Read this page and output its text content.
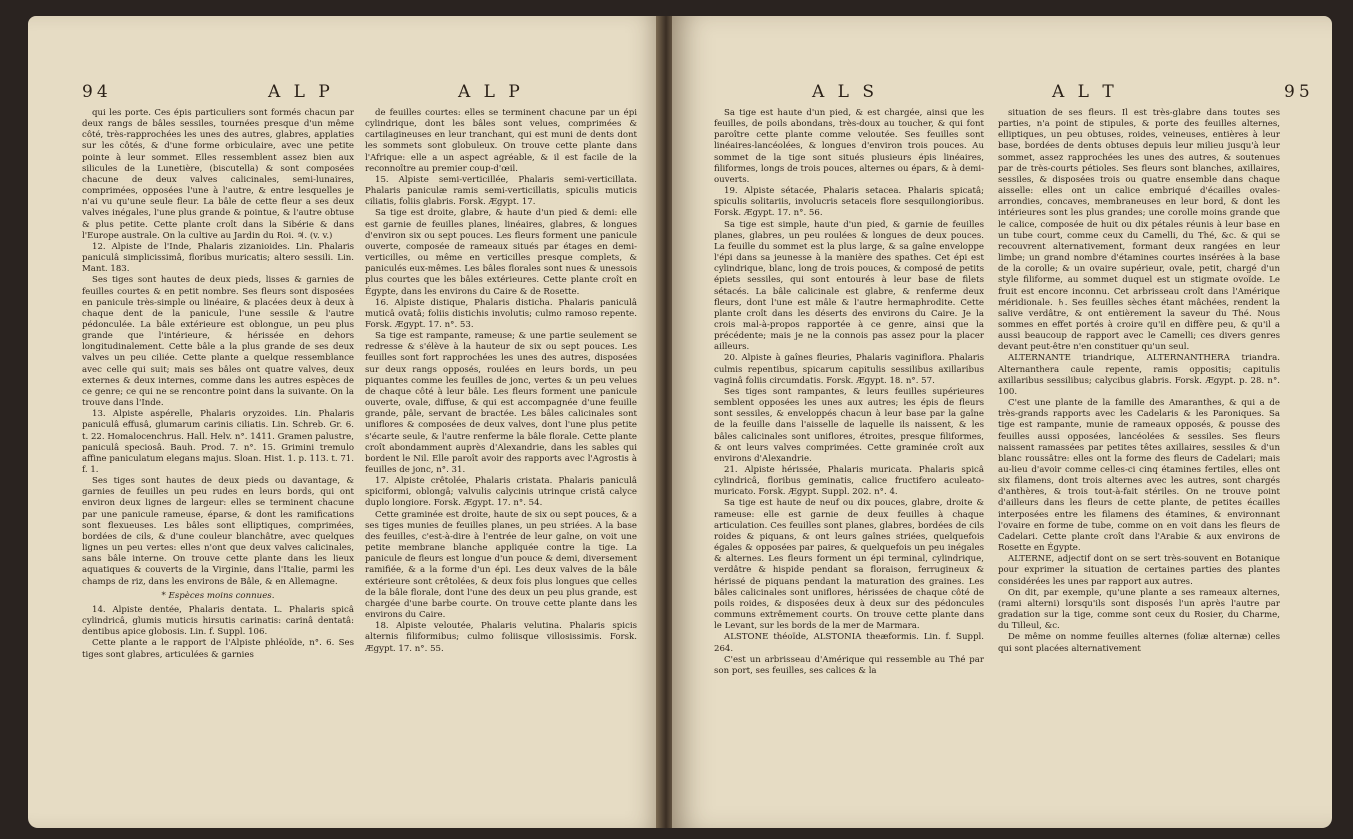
94	A L P	A L P

qui les porte. Ces épis particuliers sont formés chacun par deux rangs de bâles sessiles, tournées presque d'un même côté, très-rapprochées les unes des autres, glabres, applaties sur les côtés, & d'une forme orbiculaire, avec une petite pointe à leur sommet. Elles ressemblent assez bien aux silicules de la Lunetière, (biscutella) & sont composées chacune de deux valves calicinales, semi-lunaires, comprimées, opposées l'une à l'autre, & entre lesquelles je n'ai vu qu'une seule fleur. La bâle de cette fleur a ses deux valves inégales, l'une plus grande & pointue, & l'autre obtuse & plus petite. Cette plante croît dans la Sibérie & dans l'Europe australe. On la cultive au Jardin du Roi. ♃. (v. v.)

12. Alpiste de l'Inde, Phalaris zizanioides. Lin. Phalaris paniculâ simplicissimâ, floribus muricatis; altero sessili. Lin. Mant. 183.

Ses tiges sont hautes de deux pieds, lisses & garnies de feuilles courtes & en petit nombre. Ses fleurs sont disposées en panicule très-simple ou linéaire, & placées deux à deux à chaque dent de la panicule, l'une sessile & l'autre pédonculée. La bâle extérieure est oblongue, un peu plus grande que l'intérieure, & hérissée en dehors longitudinalement. Cette bâle a la plus grande de ses deux valves un peu ciliée. Cette plante a quelque ressemblance avec celle qui suit; mais ses bâles ont quatre valves, deux externes & deux internes, comme dans les autres espèces de ce genre; ce qui ne se rencontre point dans la suivante. On la trouve dans l'Inde.

13. Alpiste aspérelle, Phalaris oryzoides. Lin. Phalaris paniculâ effusâ, glumarum carinis ciliatis. Lin. Schreb. Gr. 6. t. 22. Homalocenchrus. Hall. Helv. n°. 1411. Gramen palustre, paniculâ speciosâ. Bauh. Prod. 7. n°. 15. Grimini tremulo affine paniculatum elegans majus. Sloan. Hist. 1. p. 113. t. 71. f. 1.

Ses tiges sont hautes de deux pieds ou davantage, & garnies de feuilles un peu rudes en leurs bords, qui ont environ deux lignes de largeur: elles se terminent chacune par une panicule rameuse, éparse, & dont les ramifications sont flexueuses. Les bâles sont elliptiques, comprimées, bordées de cils, & d'une couleur blanchâtre, avec quelques lignes un peu vertes: elles n'ont que deux valves calicinales, sans bâle interne. On trouve cette plante dans les lieux aquatiques & couverts de la Virginie, dans l'Italie, parmi les champs de riz, dans les environs de Bâle, & en Allemagne.

* Espèces moins connues.

14. Alpiste dentée, Phalaris dentata. L. Phalaris spicâ cylindricâ, glumis muticis hirsutis carinatis: carinâ dentatâ: dentibus apice globosis. Lin. f. Suppl. 106.

Cette plante a le rapport de l'Alpiste phléoïde, n°. 6. Ses tiges sont glabres, articulées & garnies

de feuilles courtes: elles se terminent chacune par un épi cylindrique, dont les bâles sont velues, comprimées & cartilagineuses en leur tranchant, qui est muni de dents dont les sommets sont globuleux. On trouve cette plante dans l'Afrique: elle a un aspect agréable, & il est facile de la reconnoître au premier coup-d'œil.

15. Alpiste semi-verticillée, Phalaris semi-verticillata. Phalaris paniculæ ramis semi-verticillatis, spiculis muticis ciliatis, foliis glabris. Forsk. Ægypt. 17.

Sa tige est droite, glabre, & haute d'un pied & demi: elle est garnie de feuilles planes, linéaires, glabres, & longues d'environ six ou sept pouces. Les fleurs forment une panicule ouverte, composée de rameaux situés par étages en demi-verticilles, ou même en verticilles presque complets, & paniculés eux-mêmes. Les bâles florales sont nues & unessois plus courtes que les bâles extérieures. Cette plante croît en Égypte, dans les environs du Caire & de Rosette.

16. Alpiste distique, Phalaris disticha. Phalaris paniculâ muticâ ovatâ; foliis distichis involutis; culmo ramoso repente. Forsk. Ægypt. 17. n°. 53.

Sa tige est rampante, rameuse; & une partie seulement se redresse & s'élève à la hauteur de six ou sept pouces. Les feuilles sont fort rapprochées les unes des autres, disposées sur deux rangs opposés, roulées en leurs bords, un peu piquantes comme les feuilles de jonc, vertes & un peu velues de chaque côté à leur bâle. Les fleurs forment une panicule ouverte, ovale, diffuse, & qui est accompagnée d'une feuille grande, pâle, servant de bractée. Les bâles calicinales sont uniflores & composées de deux valves, dont l'une plus petite s'écarte seule, & l'autre renferme la bâle florale. Cette plante croît abondamment auprès d'Alexandrie, dans les sables qui bordent le Nil. Elle paroît avoir des rapports avec l'Agrostis à feuilles de jonc, n°. 31.

17. Alpiste crêtolée, Phalaris cristata. Phalaris paniculâ spiciformi, oblongâ; valvulis calycinis utrinque cristâ calyce duplo longiore. Forsk. Ægypt. 17. n°. 54.

Cette graminée est droite, haute de six ou sept pouces, & a ses tiges munies de feuilles planes, un peu striées. A la base des feuilles, c'est-à-dire à l'entrée de leur gaîne, on voit une petite membrane blanche appliquée contre la tige. La panicule de fleurs est longue d'un pouce & demi, diversement ramifiée, & a la forme d'un épi. Les deux valves de la bâle extérieure sont crêtolées, & deux fois plus longues que celles de la bâle florale, dont l'une des deux un peu plus grande, est chargée d'une barbe courte. On trouve cette plante dans les environs du Caire.

18. Alpiste veloutée, Phalaris velutina. Phalaris spicis alternis filiformibus; culmo foliisque villosissimis. Forsk. Ægypt. 17. n°. 55.

A L S	A L T	95

Sa tige est haute d'un pied, & est chargée, ainsi que les feuilles, de poils abondans, très-doux au toucher, & qui font paroître cette plante comme veloutée. Ses feuilles sont linéaires-lancéolées, & longues d'environ trois pouces. Au sommet de la tige sont situés plusieurs épis linéaires, filiformes, longs de trois pouces, alternes ou épars, & à demi-ouverts.

19. Alpiste sétacée, Phalaris setacea. Phalaris spicatâ; spiculis solitariis, involucris setaceis flore sesquilongioribus. Forsk. Ægypt. 17. n°. 56.

Sa tige est simple, haute d'un pied, & garnie de feuilles planes, glabres, un peu roulées & longues de deux pouces. La feuille du sommet est la plus large, & sa gaîne enveloppe l'épi dans sa jeunesse à la manière des spathes. Cet épi est cylindrique, blanc, long de trois pouces, & composé de petits épiets sessiles, qui sont entourés à leur base de filets sétacés. La bâle calicinale est glabre, & renferme deux fleurs, dont l'une est mâle & l'autre hermaphrodite. Cette plante croît dans les déserts des environs du Caire. Je la crois mal-à-propos rapportée à ce genre, ainsi que la précédente; mais je ne la connois pas assez pour la placer ailleurs.

20. Alpiste à gaînes fleuries, Phalaris vaginiflora. Phalaris culmis repentibus, spicarum capitulis sessilibus axillaribus vaginâ foliis circumdatis. Forsk. Ægypt. 18. n°. 57.

Ses tiges sont rampantes, & leurs feuilles supérieures semblent opposées les unes aux autres; les épis de fleurs sont sessiles, & enveloppés chacun à leur base par la gaîne de la feuille dans l'aisselle de laquelle ils naissent, & les bâles calicinales sont uniflores, étroites, presque filiformes, & ont leurs valves comprimées. Cette graminée croît aux environs d'Alexandrie.

21. Alpiste hérissée, Phalaris muricata. Phalaris spicâ cylindricâ, floribus geminatis, calice fructifero aculeato-muricato. Forsk. Ægypt. Suppl. 202. n°. 4.

Sa tige est haute de neuf ou dix pouces, glabre, droite & rameuse: elle est garnie de deux feuilles à chaque articulation. Ces feuilles sont planes, glabres, bordées de cils roides & piquans, & ont leurs gaînes striées, quelquefois égales & opposées par paires, & quelquefois un peu inégales & alternes. Les fleurs forment un épi terminal, cylindrique, verdâtre & hispide pendant sa floraison, ferrugineux & hérissé de piquans pendant la maturation des graines. Les bâles calicinales sont uniflores, hérissées de chaque côté de poils roides, & disposées deux à deux sur des pédoncules communs extrêmement courts. On trouve cette plante dans le Levant, sur les bords de la mer de Marmara.

ALSTONE théoïde, ALSTONIA theæformis. Lin. f. Suppl. 264.

C'est un arbrisseau d'Amérique qui ressemble au Thé par son port, ses feuilles, ses calices & la

situation de ses fleurs. Il est très-glabre dans toutes ses parties, n'a point de stipules, & porte des feuilles alternes, elliptiques, un peu obtuses, roides, veineuses, entières à leur base, bordées de dents obtuses depuis leur milieu jusqu'à leur sommet, assez rapprochées les unes des autres, & soutenues par de très-courts pétioles. Ses fleurs sont blanches, axillaires, sessiles, & disposées trois ou quatre ensemble dans chaque aisselle: elles ont un calice embriqué d'écailles ovales-arrondies, concaves, membraneuses en leur bord, & dont les intérieures sont les plus grandes; une corolle moins grande que le calice, composée de huit ou dix pétales réunis à leur base en un tube court, comme ceux du Camelli, du Thé, &c. & qui se recouvrent alternativement, formant deux rangées en leur limbe; un grand nombre d'étamines courtes insérées à la base de la corolle; & un ovaire supérieur, ovale, petit, chargé d'un style filiforme, au sommet duquel est un stigmate ovoïde. Le fruit est encore inconnu. Cet arbrisseau croît dans l'Amérique méridionale. ♄. Ses feuilles sèches étant mâchées, rendent la salive verdâtre, & ont entièrement la saveur du Thé. Nous sommes en effet portés à croire qu'il en diffère peu, & qu'il a aussi beaucoup de rapport avec le Camelli; ces divers genres devant peut-être n'en constituer qu'un seul.

ALTERNANTE triandrique, ALTERNANTHERA triandra. Alternanthera caule repente, ramis oppositis; capitulis axillaribus sessilibus; calycibus glabris. Forsk. Ægypt. p. 28. n°. 100.

C'est une plante de la famille des Amaranthes, & qui a de très-grands rapports avec les Cadelaris & les Paroniques. Sa tige est rampante, munie de rameaux opposés, & pousse des feuilles aussi opposées, lancéolées & sessiles. Ses fleurs naissent ramassées par petites têtes axillaires, sessiles & d'un blanc roussâtre: elles ont la forme des fleurs de Cadelari; mais au-lieu d'avoir comme celles-ci cinq étamines fertiles, elles ont six filamens, dont trois alternes avec les autres, sont chargés d'anthères, & trois tout-à-fait stériles. On ne trouve point d'ailleurs dans les fleurs de cette plante, de petites écailles interposées entre les filamens des étamines, & environnant l'ovaire en forme de tube, comme on en voit dans les fleurs de Cadelari. Cette plante croît dans l'Arabie & aux environs de Rosette en Égypte.

ALTERNE, adjectif dont on se sert très-souvent en Botanique pour exprimer la situation de certaines parties des plantes considérées les unes par rapport aux autres.

On dit, par exemple, qu'une plante a ses rameaux alternes, (rami alterni) lorsqu'ils sont disposés l'un après l'autre par gradation sur la tige, comme sont ceux du Rosier, du Charme, du Tilleul, &c.

De même on nomme feuilles alternes (foliæ alternæ) celles qui sont placées alternativement
